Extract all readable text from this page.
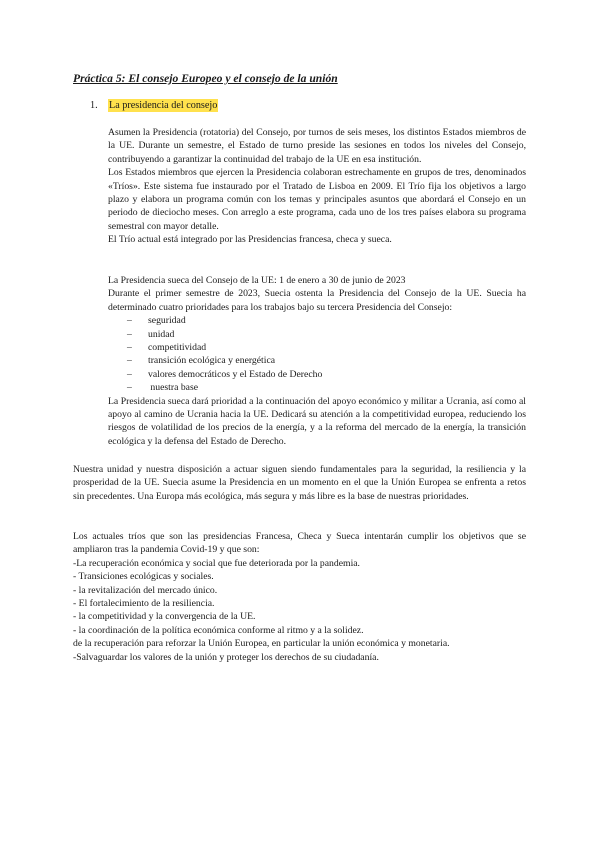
Práctica 5: El consejo Europeo y el consejo de la unión
1. La presidencia del consejo

Asumen la Presidencia (rotatoria) del Consejo, por turnos de seis meses, los distintos Estados miembros de la UE. Durante un semestre, el Estado de turno preside las sesiones en todos los niveles del Consejo, contribuyendo a garantizar la continuidad del trabajo de la UE en esa institución.

Los Estados miembros que ejercen la Presidencia colaboran estrechamente en grupos de tres, denominados «Tríos». Este sistema fue instaurado por el Tratado de Lisboa en 2009. El Trío fija los objetivos a largo plazo y elabora un programa común con los temas y principales asuntos que abordará el Consejo en un periodo de dieciocho meses. Con arreglo a este programa, cada uno de los tres países elabora su programa semestral con mayor detalle.

El Trío actual está integrado por las Presidencias francesa, checa y sueca.

La Presidencia sueca del Consejo de la UE: 1 de enero a 30 de junio de 2023

Durante el primer semestre de 2023, Suecia ostenta la Presidencia del Consejo de la UE. Suecia ha determinado cuatro prioridades para los trabajos bajo su tercera Presidencia del Consejo:

– seguridad
– unidad
– competitividad
– transición ecológica y energética
– valores democráticos y el Estado de Derecho
–  nuestra base

La Presidencia sueca dará prioridad a la continuación del apoyo económico y militar a Ucrania, así como al apoyo al camino de Ucrania hacia la UE. Dedicará su atención a la competitividad europea, reduciendo los riesgos de volatilidad de los precios de la energía, y a la reforma del mercado de la energía, la transición ecológica y la defensa del Estado de Derecho.

Nuestra unidad y nuestra disposición a actuar siguen siendo fundamentales para la seguridad, la resiliencia y la prosperidad de la UE. Suecia asume la Presidencia en un momento en el que la Unión Europea se enfrenta a retos sin precedentes. Una Europa más ecológica, más segura y más libre es la base de nuestras prioridades.

Los actuales tríos que son las presidencias Francesa, Checa y Sueca intentarán cumplir los objetivos que se ampliaron tras la pandemia Covid-19 y que son:

-La recuperación económica y social que fue deteriorada por la pandemia.

- Transiciones ecológicas y sociales.

- la revitalización del mercado único.

- El fortalecimiento de la resiliencia.

- la competitividad y la convergencia de la UE.

- la coordinación de la política económica conforme al ritmo y a la solidez.

de la recuperación para reforzar la Unión Europea, en particular la unión económica y monetaria.

-Salvaguardar los valores de la unión y proteger los derechos de su ciudadanía.
